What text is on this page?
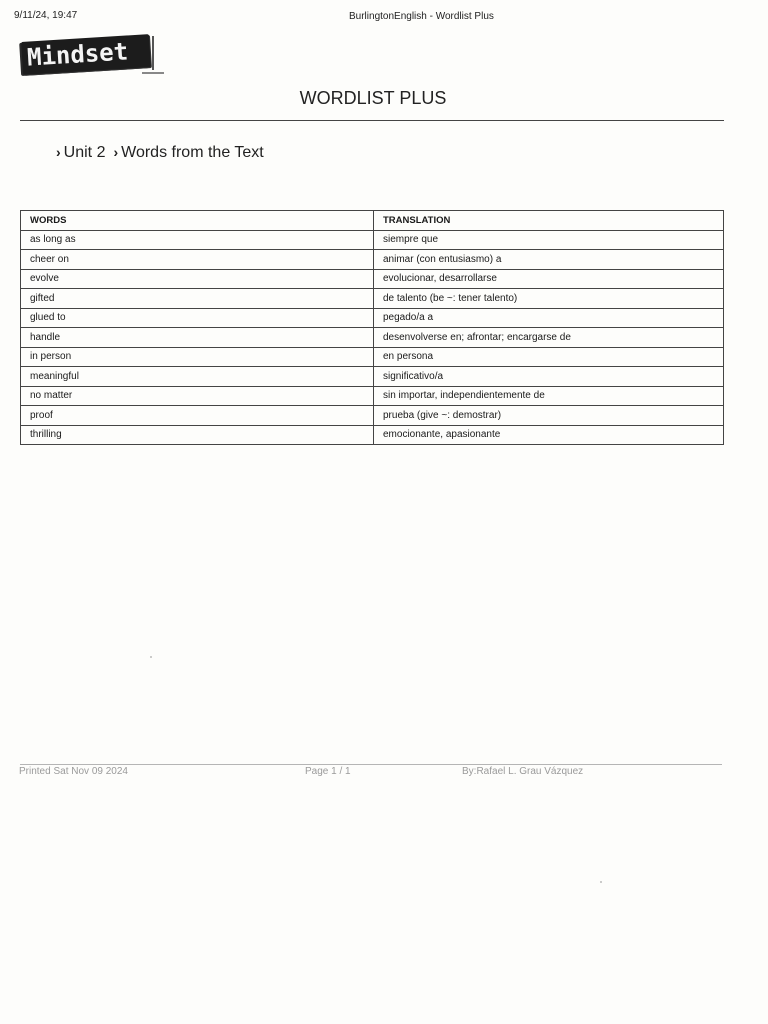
9/11/24, 19:47	BurlingtonEnglish - Wordlist Plus
Mindset
WORDLIST PLUS
› Unit 2 › Words from the Text
WORDS	TRANSLATION
as long as	siempre que
cheer on	animar (con entusiasmo) a
evolve	evolucionar, desarrollarse
gifted	de talento (be ~: tener talento)
glued to	pegado/a a
handle	desenvolverse en; afrontar; encargarse de
in person	en persona
meaningful	significativo/a
no matter	sin importar, independientemente de
proof	prueba (give ~: demostrar)
thrilling	emocionante, apasionante
Printed Sat Nov 09 2024	Page 1 / 1	By:Rafael L. Grau Vázquez
